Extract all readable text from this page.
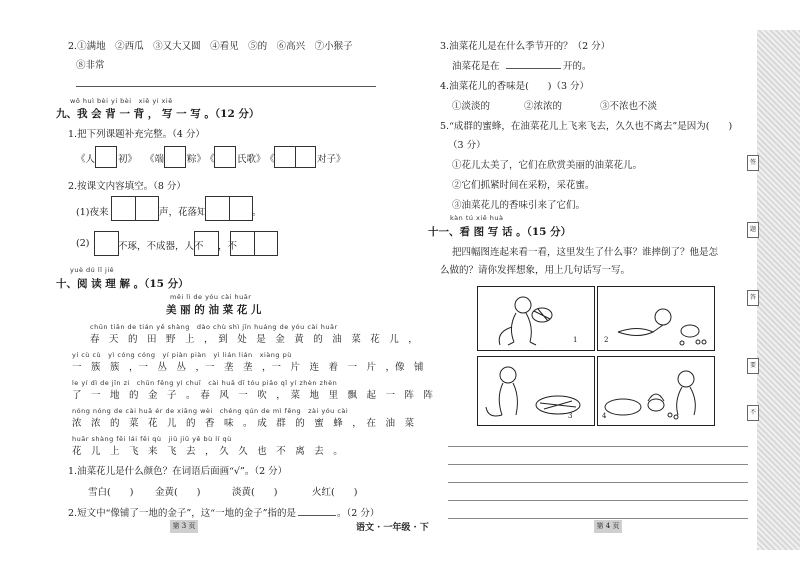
2.①满地　②西瓜　③又大又圆　④看见　⑤的　⑥高兴　⑦小猴子
⑧非常
wǒ huì bèi yi bèi　xiě yi xiě
九、我 会 背 一 背 ， 写 一 写 。（12 分）
1.把下列课题补充完整。（4 分）
《人 初》 《端 粽》
《 氏歌》 《	对子》
2.按课文内容填空。（8 分）
(1)夜来	声，花落知	。
(2)	不琢，不成器，人不 ，不
yuè dú lǐ jiě
十、阅 读 理 解 。（15 分）
měi lì de yóu cài huār
美 丽 的 油 菜 花 儿
chūn tiān de tián yě shàng　dào chù shì jīn huáng de yóu cài huār
春　天　的　田　野　上　，　到　处　是　金　黄　的　油　菜　花　儿　，
yí cù cù　yì cóng cóng　yí piàn piàn　yì lián lián　xiàng pù
一　簇　簇　，一　丛　丛　，一　垄　垄　，一　片　连　着　一　片　，像　铺
le yí dì de jīn zi　chūn fēng yì chuī　cài huā dī tóu piāo qǐ yí zhèn zhèn
了　一　地　的　金　子　。　春　风　一　吹　，　菜　地　里　飘　起　一　阵　阵
nóng nóng de cài huā ér de xiāng wèi　chéng qún de mì fēng　zài yóu cài
浓　浓　的　菜　花　儿　的　香　味　。　成　群　的　蜜　蜂　，　在　油　菜
huār shàng fēi lái fēi qù　jiǔ jiǔ yě bù lí qù
花　儿　上　飞　来　飞　去　，　久　久　也　不　离　去　。
1.油菜花儿是什么颜色？在词语后面画“√”。（2 分）
雪白(　　) 金黄(　　)	淡黄(　　)	火红(　　)
2.短文中“像铺了一地的金子”，这“一地的金子”指的是	。（2 分）
第 3 页	语文 · 一年级 · 下
3.油菜花儿是在什么季节开的？（2 分）
油菜花是在	开的。
4.油菜花儿的香味是(　　)（3 分）
①淡淡的	②浓浓的	③不浓也不淡
5.“成群的蜜蜂，在油菜花儿上飞来飞去，久久也不离去”是因为(　　)
（3 分）
①花儿太美了，它们在欣赏美丽的油菜花儿。
②它们抓紧时间在采粉，采花蜜。
③油菜花儿的香味引来了它们。
kàn tú xiě huà
十一、看 图 写 话 。（15 分）
把四幅图连起来看一看，这里发生了什么事？谁摔倒了？他是怎
么做的？请你发挥想象，用上几句话写一写。
1	2
3	4
第 4 页
签
题
答
要
不
